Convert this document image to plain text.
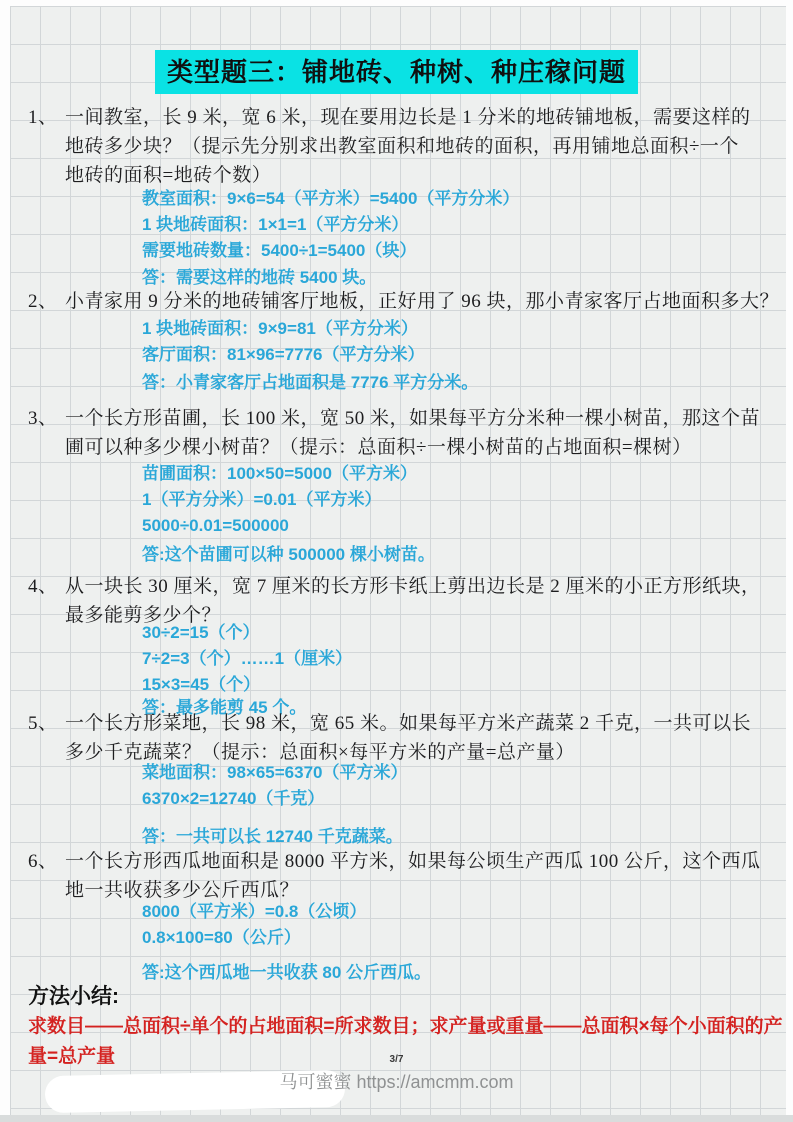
类型题三：铺地砖、种树、种庄稼问题
1、 一间教室，长 9 米，宽 6 米，现在要用边长是 1 分米的地砖铺地板，需要这样的
地砖多少块？（提示先分别求出教室面积和地砖的面积，再用铺地总面积÷一个
地砖的面积=地砖个数）
教室面积：9×6=54（平方米）=5400（平方分米）
1 块地砖面积：1×1=1（平方分米）
需要地砖数量：5400÷1=5400（块）
答：需要这样的地砖 5400 块。
2、 小青家用 9 分米的地砖铺客厅地板，正好用了 96 块，那小青家客厅占地面积多大？
1 块地砖面积：9×9=81（平方分米）
客厅面积：81×96=7776（平方分米）
答：小青家客厅占地面积是 7776 平方分米。
3、 一个长方形苗圃，长 100 米，宽 50 米，如果每平方分米种一棵小树苗，那这个苗
圃可以种多少棵小树苗？（提示：总面积÷一棵小树苗的占地面积=棵树）
苗圃面积：100×50=5000（平方米）
1（平方分米）=0.01（平方米）
5000÷0.01=500000
答:这个苗圃可以种 500000 棵小树苗。
4、 从一块长 30 厘米，宽 7 厘米的长方形卡纸上剪出边长是 2 厘米的小正方形纸块，
最多能剪多少个？
30÷2=15（个）
7÷2=3（个）……1（厘米）
15×3=45（个）
答：最多能剪 45 个。
5、 一个长方形菜地，长 98 米，宽 65 米。如果每平方米产蔬菜 2 千克，一共可以长
多少千克蔬菜？（提示：总面积×每平方米的产量=总产量）
菜地面积：98×65=6370（平方米）
6370×2=12740（千克）
答：一共可以长 12740 千克蔬菜。
6、 一个长方形西瓜地面积是 8000 平方米，如果每公顷生产西瓜 100 公斤，这个西瓜
地一共收获多少公斤西瓜？
8000（平方米）=0.8（公顷）
0.8×100=80（公斤）
答:这个西瓜地一共收获 80 公斤西瓜。
方法小结:
求数目——总面积÷单个的占地面积=所求数目；求产量或重量——总面积×每个小面积的产
量=总产量	3/7
马可蜜蜜 https://amcmm.com
